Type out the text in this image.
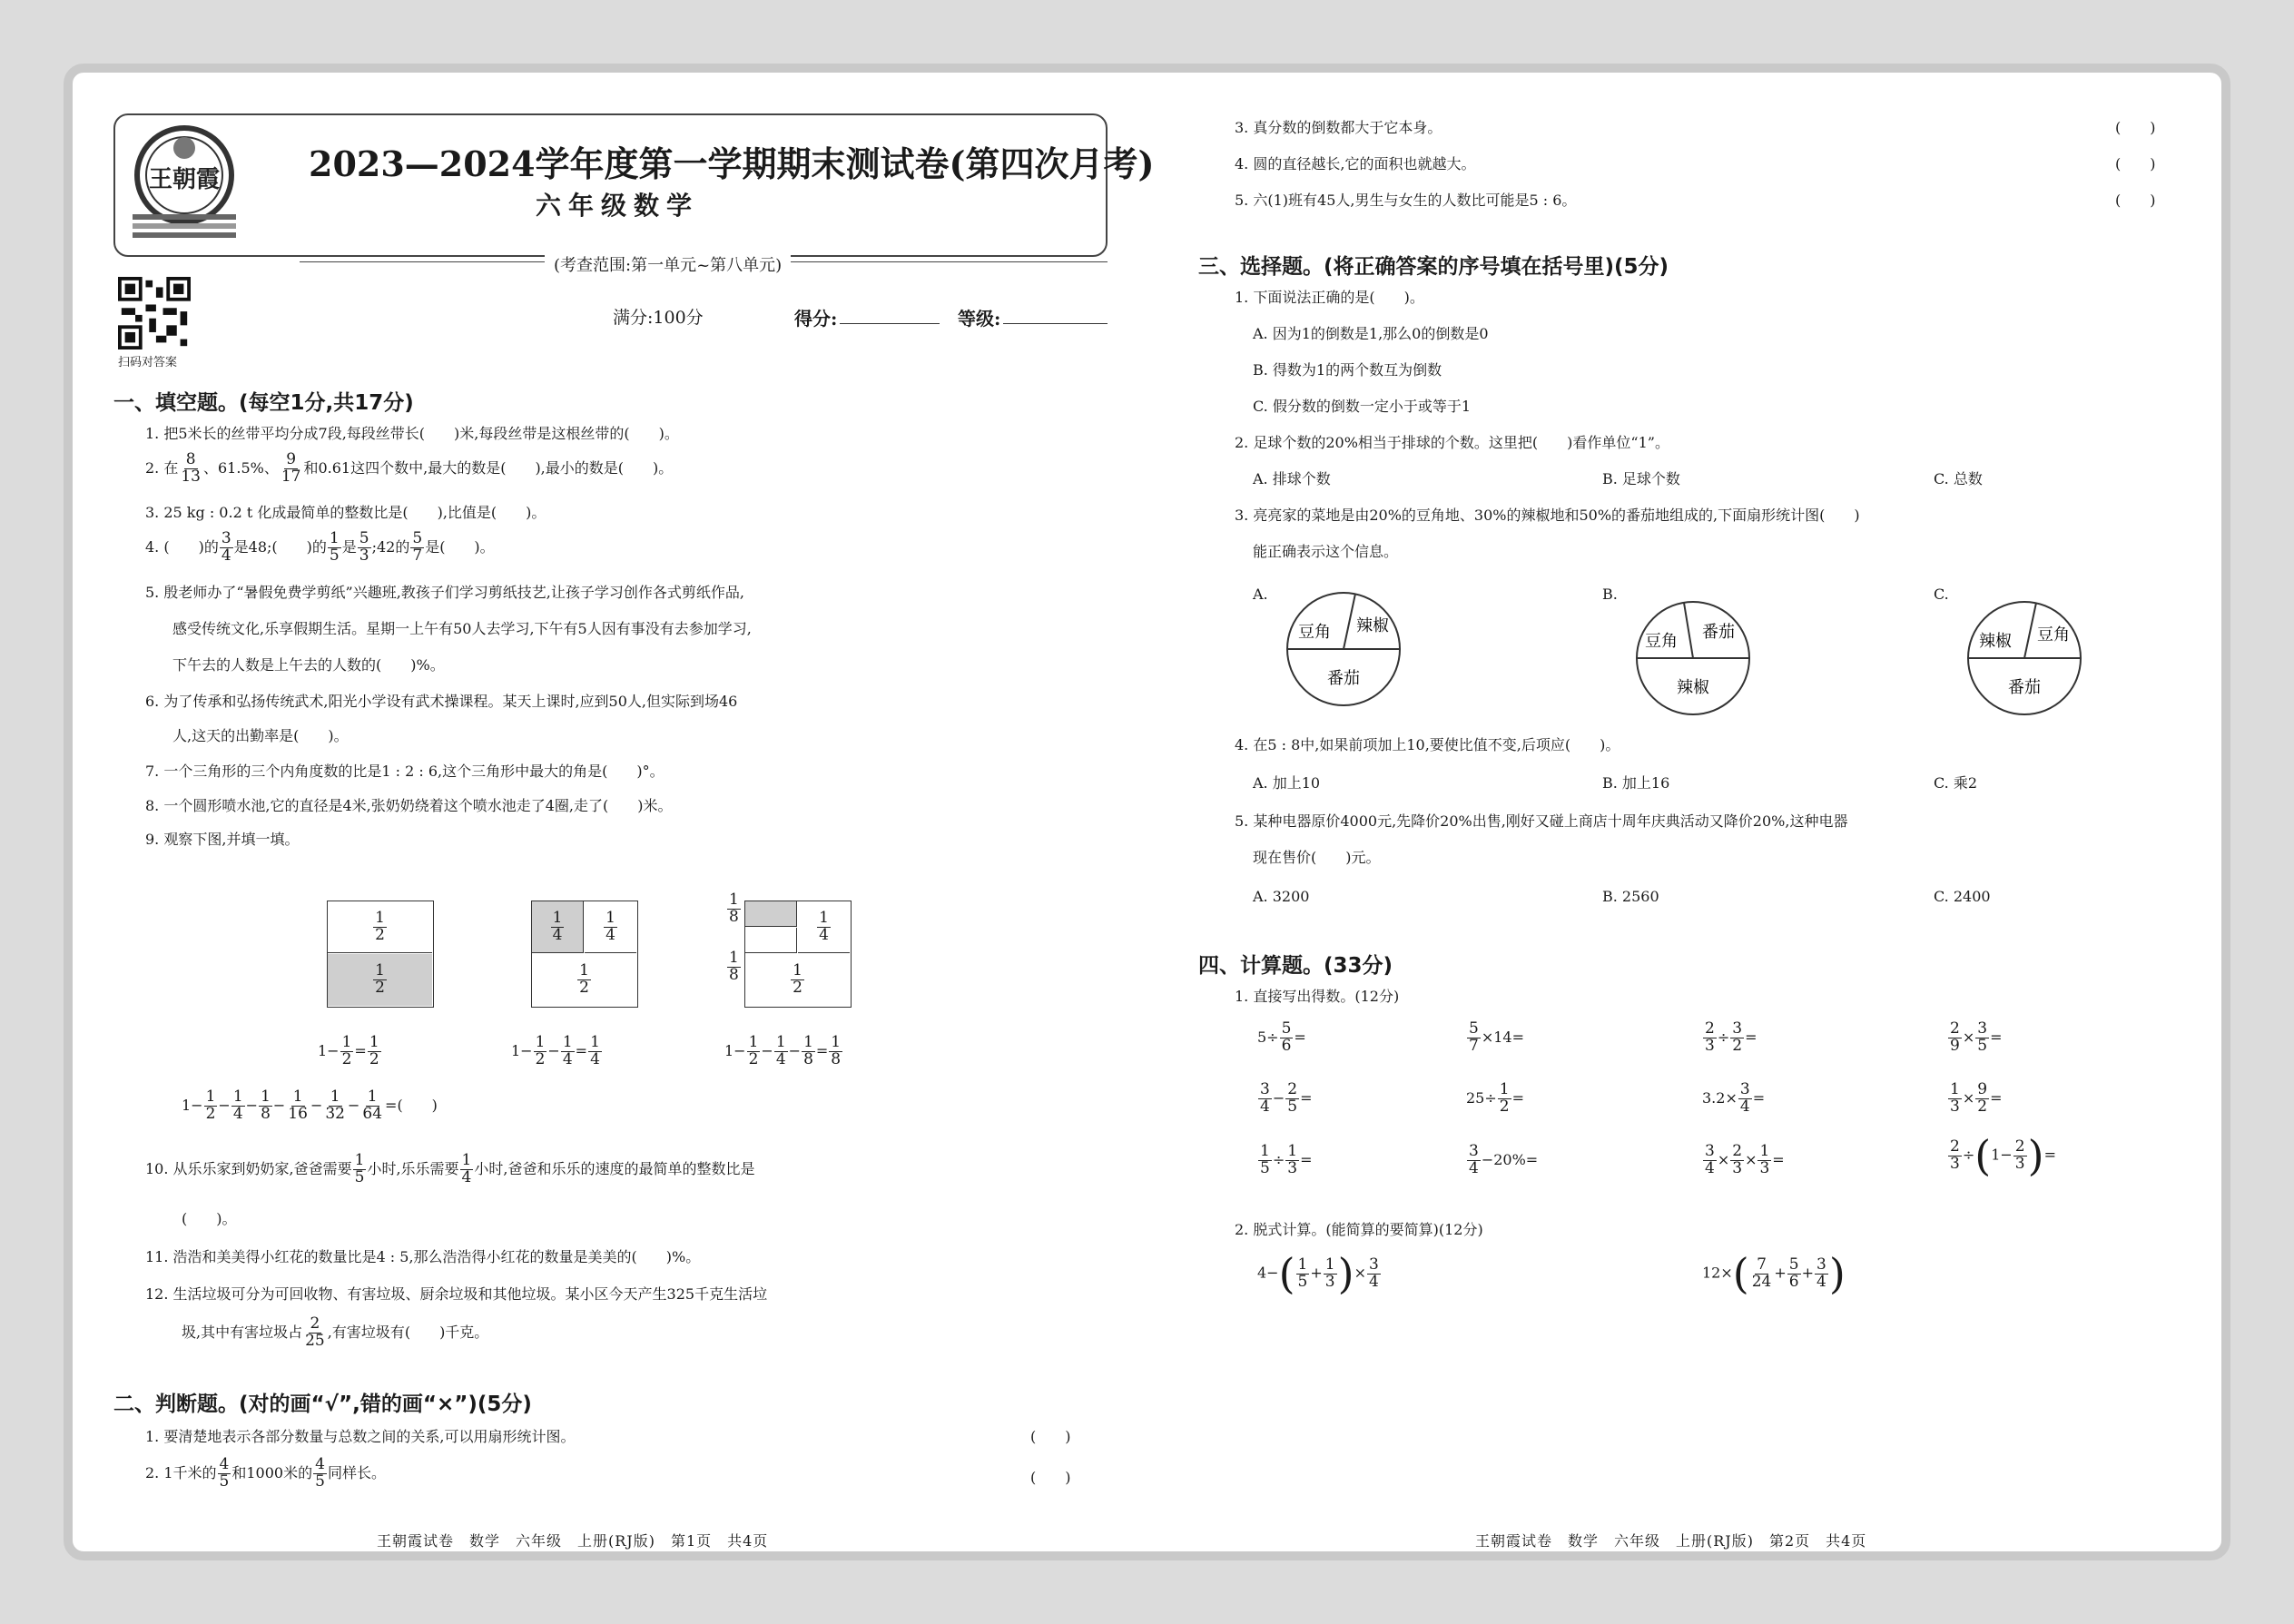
王朝霞	2023—2024学年度第一学期期末测试卷(第四次月考)
六年级数学
(考查范围:第一单元~第八单元)
扫码对答案
满分:100分	得分:	等级:
一、填空题。(每空1分,共17分)
1. 把5米长的丝带平均分成7段,每段丝带长(　　)米,每段丝带是这根丝带的(　　)。
2. 在 $\frac{8}{13}$ 、61.5%、 $\frac{9}{17}$ 和0.61这四个数中,最大的数是(　　),最小的数是(　　)。
3. 25 kg : 0.2 t 化成最简单的整数比是(　　),比值是(　　)。
4. (　　)的 $\frac{3}{4}$ 是48;(　　)的 $\frac{1}{5}$ 是 $\frac{5}{3}$ ;42的 $\frac{5}{7}$ 是(　　)。
5. 殷老师办了“暑假免费学剪纸”兴趣班,教孩子们学习剪纸技艺,让孩子学习创作各式剪纸作品,
感受传统文化,乐享假期生活。星期一上午有50人去学习,下午有5人因有事没有去参加学习,
下午去的人数是上午去的人数的(　　)%。
6. 为了传承和弘扬传统武术,阳光小学设有武术操课程。某天上课时,应到50人,但实际到场46
人,这天的出勤率是(　　)。
7. 一个三角形的三个内角度数的比是1 : 2 : 6,这个三角形中最大的角是(　　)°。
8. 一个圆形喷水池,它的直径是4米,张奶奶绕着这个喷水池走了4圈,走了(　　)米。
9. 观察下图,并填一填。
1
2
1
2
$1- \frac{1}{2} = \frac{1}{2}$
1
4
1
4
1
2
$1- \frac{1}{2} - \frac{1}{4} = \frac{1}{4}$
$\frac{1}{8}$
$\frac{1}{8}$
1
4
1
2
$1- \frac{1}{2} - \frac{1}{4} - \frac{1}{8} = \frac{1}{8}$
$1- \frac{1}{2} - \frac{1}{4} - \frac{1}{8} - \frac{1}{16} - \frac{1}{32} - \frac{1}{64}$ =(　　)
10. 从乐乐家到奶奶家,爸爸需要 $\frac{1}{5}$ 小时,乐乐需要 $\frac{1}{4}$ 小时,爸爸和乐乐的速度的最简单的整数比是
(　　)。
11. 浩浩和美美得小红花的数量比是4 : 5,那么浩浩得小红花的数量是美美的(　　)%。
12. 生活垃圾可分为可回收物、有害垃圾、厨余垃圾和其他垃圾。某小区今天产生325千克生活垃
圾,其中有害垃圾占 $\frac{2}{25}$ ,有害垃圾有(　　)千克。
二、判断题。(对的画“√”,错的画“×”)(5分)
1. 要清楚地表示各部分数量与总数之间的关系,可以用扇形统计图。	(　　)
2. 1千米的 $\frac{4}{5}$ 和1000米的 $\frac{4}{5}$ 同样长。	(　　)
王朝霞试卷　数学　六年级　上册(RJ版)　第1页　共4页
3. 真分数的倒数都大于它本身。	(　　)
4. 圆的直径越长,它的面积也就越大。	(　　)
5. 六(1)班有45人,男生与女生的人数比可能是5 : 6。	(　　)
三、选择题。(将正确答案的序号填在括号里)(5分)
1. 下面说法正确的是(　　)。
A. 因为1的倒数是1,那么0的倒数是0
B. 得数为1的两个数互为倒数
C. 假分数的倒数一定小于或等于1
2. 足球个数的20%相当于排球的个数。这里把(　　)看作单位“1”。
A. 排球个数	B. 足球个数	C. 总数
3. 亮亮家的菜地是由20%的豆角地、30%的辣椒地和50%的番茄地组成的,下面扇形统计图(　　)
能正确表示这个信息。
A.
豆角 辣椒
番茄
B.
豆角 番茄
辣椒
C.
辣椒 豆角
番茄
4. 在5 : 8中,如果前项加上10,要使比值不变,后项应(　　)。
A. 加上10	B. 加上16	C. 乘2
5. 某种电器原价4000元,先降价20%出售,刚好又碰上商店十周年庆典活动又降价20%,这种电器
现在售价(　　)元。
A. 3200	B. 2560	C. 2400
四、计算题。(33分)
1. 直接写出得数。(12分)
$5\div \frac{5}{6}$ =	$\frac{5}{7} \times 14=$	$\frac{2}{3} \div \frac{3}{2}$ =	$\frac{2}{9} \times \frac{3}{5}$ =
$\frac{3}{4} - \frac{2}{5}$ =	$25\div \frac{1}{2}$ =	$3.2\times \frac{3}{4}$ =	$\frac{1}{3} \times \frac{9}{2}$ =
$\frac{1}{5} \div \frac{1}{3}$ =	$\frac{3}{4} -20\%=$	$\frac{3}{4} \times \frac{2}{3} \times \frac{1}{3}$ =	$\frac{2}{3} \div(1- \frac{2}{3}$ )=
2. 脱式计算。(能简算的要简算)(12分)
$4-( \frac{1}{5} + \frac{1}{3}$ )× $\frac{3}{4}$	$12\times( \frac{7}{24} + \frac{5}{6} + \frac{3}{4}$ )
王朝霞试卷　数学　六年级　上册(RJ版)　第2页　共4页
